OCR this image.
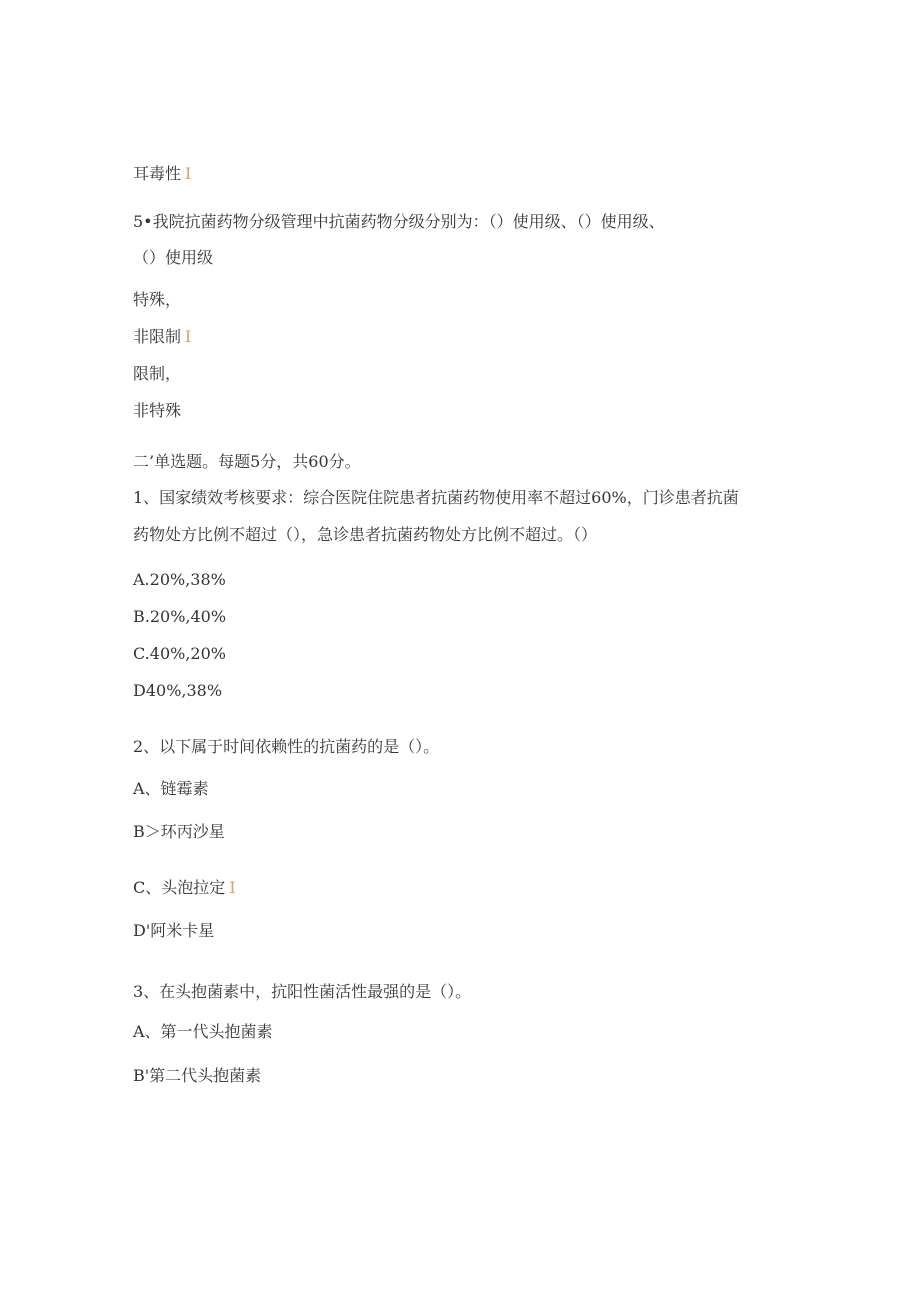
耳毒性 I

5•我院抗菌药物分级管理中抗菌药物分级分别为：（）使用级、（）使用级、

（）使用级

特殊，

非限制 I

限制，

非特殊

二’单选题。每题5分，共60分。

1、国家绩效考核要求：综合医院住院患者抗菌药物使用率不超过60%，门诊患者抗菌

药物处方比例不超过（），急诊患者抗菌药物处方比例不超过。（）

A.20%,38%

B.20%,40%

C.40%,20%

D40%,38%

2、以下属于时间依赖性的抗菌药的是（）。

A、链霉素

B＞环丙沙星

C、头泡拉定 I

D'阿米卡星

3、在头抱菌素中，抗阳性菌活性最强的是（）。

A、第一代头抱菌素

B'第二代头抱菌素
